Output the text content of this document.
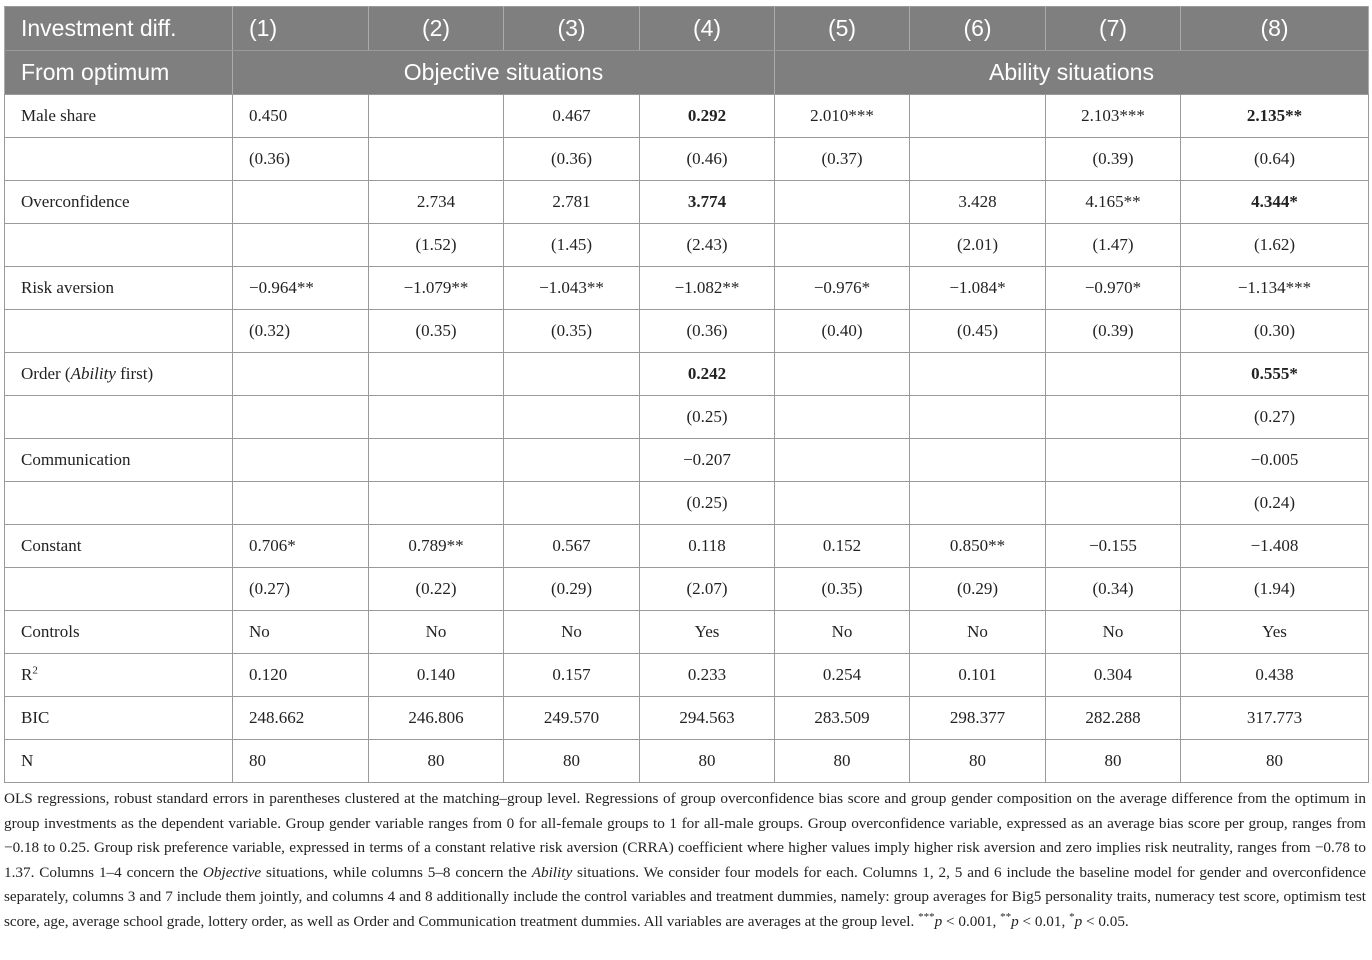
Investment diff.	(1)	(2)	(3)	(4)	(5)	(6)	(7)	(8)
From optimum	Objective situations				Ability situations			
Male share	0.450		0.467	0.292	2.010***		2.103***	2.135**
	(0.36)		(0.36)	(0.46)	(0.37)		(0.39)	(0.64)
Overconfidence		2.734	2.781	3.774		3.428	4.165**	4.344*
		(1.52)	(1.45)	(2.43)		(2.01)	(1.47)	(1.62)
Risk aversion	−0.964**	−1.079**	−1.043**	−1.082**	−0.976*	−1.084*	−0.970*	−1.134***
	(0.32)	(0.35)	(0.35)	(0.36)	(0.40)	(0.45)	(0.39)	(0.30)
Order (Ability first)				0.242				0.555*
				(0.25)				(0.27)
Communication				−0.207				−0.005
				(0.25)				(0.24)
Constant	0.706*	0.789**	0.567	0.118	0.152	0.850**	−0.155	−1.408
	(0.27)	(0.22)	(0.29)	(2.07)	(0.35)	(0.29)	(0.34)	(1.94)
Controls	No	No	No	Yes	No	No	No	Yes
$R^2$	0.120	0.140	0.157	0.233	0.254	0.101	0.304	0.438
BIC	248.662	246.806	249.570	294.563	283.509	298.377	282.288	317.773
N	80	80	80	80	80	80	80	80
OLS regressions, robust standard errors in parentheses clustered at the matching–group level. Regressions of group overconfidence bias score and group gender composition on the average difference from the optimum in group investments as the dependent variable. Group gender variable ranges from 0 for all-female groups to 1 for all-male groups. Group overconfidence variable, expressed as an average bias score per group, ranges from −0.18 to 0.25. Group risk preference variable, expressed in terms of a constant relative risk aversion (CRRA) coefficient where higher values imply higher risk aversion and zero implies risk neutrality, ranges from −0.78 to 1.37. Columns 1–4 concern the Objective situations, while columns 5–8 concern the Ability situations. We consider four models for each. Columns 1, 2, 5 and 6 include the baseline model for gender and overconfidence separately, columns 3 and 7 include them jointly, and columns 4 and 8 additionally include the control variables and treatment dummies, namely: group averages for Big5 personality traits, numeracy test score, optimism test score, age, average school grade, lottery order, as well as Order and Communication treatment dummies. All variables are averages at the group level. ***p < 0.001, **p < 0.01, *p < 0.05.
